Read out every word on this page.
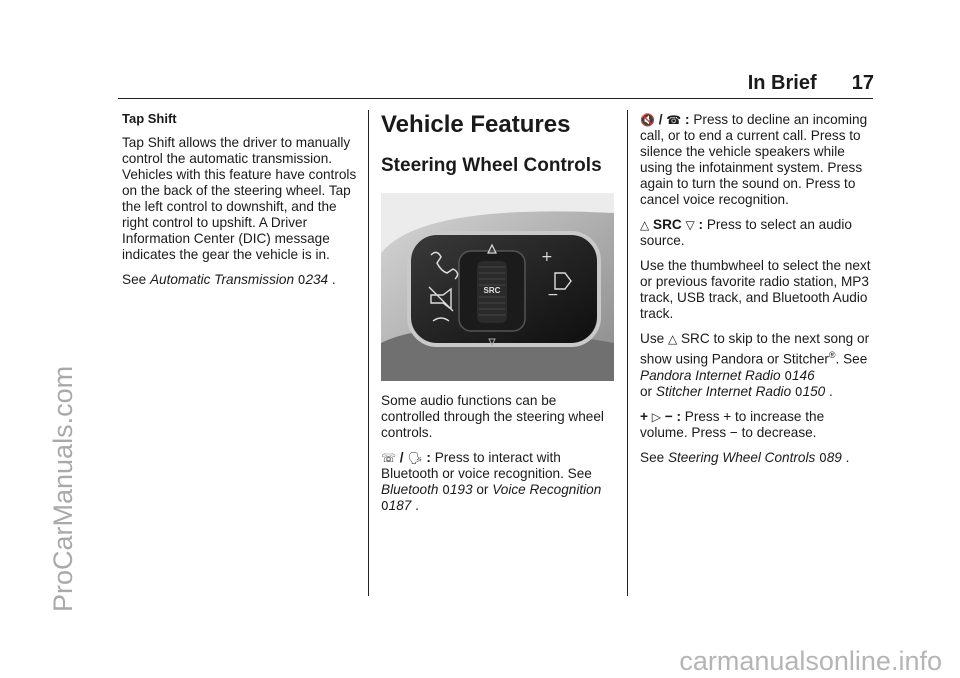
ProCarManuals.com
In Brief 17
Tap Shift

Tap Shift allows the driver to manually control the automatic transmission. Vehicles with this feature have controls on the back of the steering wheel. Tap the left control to downshift, and the right control to upshift. A Driver Information Center (DIC) message indicates the gear the vehicle is in.

See Automatic Transmission 0234 .

Vehicle Features
Steering Wheel Controls
SRC
+
−

Some audio functions can be controlled through the steering wheel controls.

☏ / 🗣 : Press to interact with Bluetooth or voice recognition. See Bluetooth 0193 or Voice Recognition 0187 .

🔇 / ☎ : Press to decline an incoming call, or to end a current call. Press to silence the vehicle speakers while using the infotainment system. Press again to turn the sound on. Press to cancel voice recognition.

△ SRC ▽ : Press to select an audio source.

Use the thumbwheel to select the next or previous favorite radio station, MP3 track, USB track, and Bluetooth Audio track.

Use △ SRC to skip to the next song or show using Pandora or Stitcher®. See Pandora Internet Radio 0146
or Stitcher Internet Radio 0150 .

+ ▷ − : Press + to increase the volume. Press − to decrease.

See Steering Wheel Controls 089 .

carmanualsonline.info
